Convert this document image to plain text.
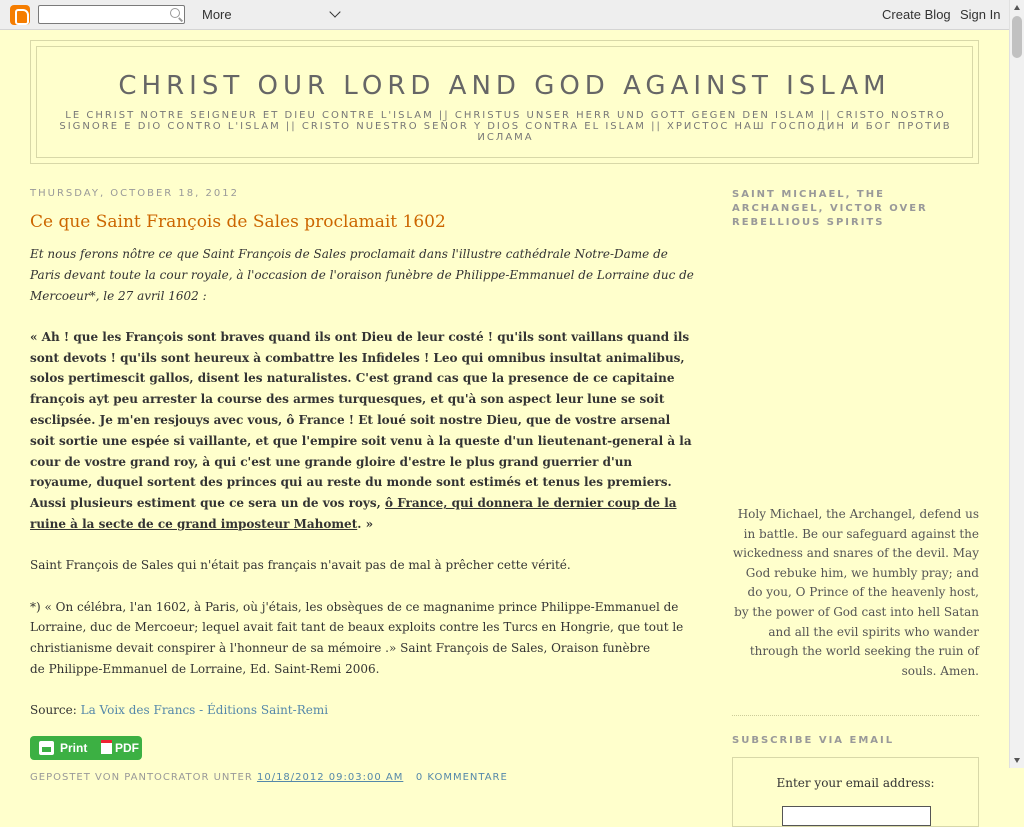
More	Create Blog Sign In
CHRIST OUR LORD AND GOD AGAINST ISLAM
LE CHRIST NOTRE SEIGNEUR ET DIEU CONTRE L'ISLAM || CHRISTUS UNSER HERR UND GOTT GEGEN DEN ISLAM || CRISTO NOSTRO SIGNORE E DIO CONTRO L'ISLAM || CRISTO NUESTRO SEÑOR Y DIOS CONTRA EL ISLAM || ХРИСТОС НАШ ГОСПОДИН И БОГ ПРОТИВ ИСЛАМА
THURSDAY, OCTOBER 18, 2012
Ce que Saint François de Sales proclamait 1602

Et nous ferons nôtre ce que Saint François de Sales proclamait dans l'illustre cathédrale Notre-Dame de Paris devant toute la cour royale, à l'occasion de l'oraison funèbre de Philippe-Emmanuel de Lorraine duc de Mercoeur*, le 27 avril 1602 :

« Ah ! que les François sont braves quand ils ont Dieu de leur costé ! qu'ils sont vaillans quand ils sont devots ! qu'ils sont heureux à combattre les Infideles ! Leo qui omnibus insultat animalibus, solos pertimescit gallos, disent les naturalistes. C'est grand cas que la presence de ce capitaine françois ayt peu arrester la course des armes turquesques, et qu'à son aspect leur lune se soit esclipsée. Je m'en resjouys avec vous, ô France ! Et loué soit nostre Dieu, que de vostre arsenal soit sortie une espée si vaillante, et que l'empire soit venu à la queste d'un lieutenant-general à la cour de vostre grand roy, à qui c'est une grande gloire d'estre le plus grand guerrier d'un royaume, duquel sortent des princes qui au reste du monde sont estimés et tenus les premiers. Aussi plusieurs estiment que ce sera un de vos roys, ô France, qui donnera le dernier coup de la ruine à la secte de ce grand imposteur Mahomet. »

Saint François de Sales qui n'était pas français n'avait pas de mal à prêcher cette vérité.

*) « On célébra, l'an 1602, à Paris, où j'étais, les obsèques de ce magnanime prince Philippe-Emmanuel de Lorraine, duc de Mercoeur; lequel avait fait tant de beaux exploits contre les Turcs en Hongrie, que tout le christianisme devait conspirer à l'honneur de sa mémoire .» Saint François de Sales, Oraison funèbre
de Philippe-Emmanuel de Lorraine, Ed. Saint-Remi 2006.

Source: La Voix des Francs - Éditions Saint-Remi

Print PDF
GEPOSTET VON PANTOCRATOR UNTER 10/18/2012 09:03:00 AM 0 KOMMENTARE
SAINT MICHAEL, THE ARCHANGEL, VICTOR OVER REBELLIOUS SPIRITS
Holy Michael, the Archangel, defend us in battle. Be our safeguard against the wickedness and snares of the devil. May God rebuke him, we humbly pray; and do you, O Prince of the heavenly host, by the power of God cast into hell Satan and all the evil spirits who wander through the world seeking the ruin of souls. Amen.
SUBSCRIBE VIA EMAIL
Enter your email address:
